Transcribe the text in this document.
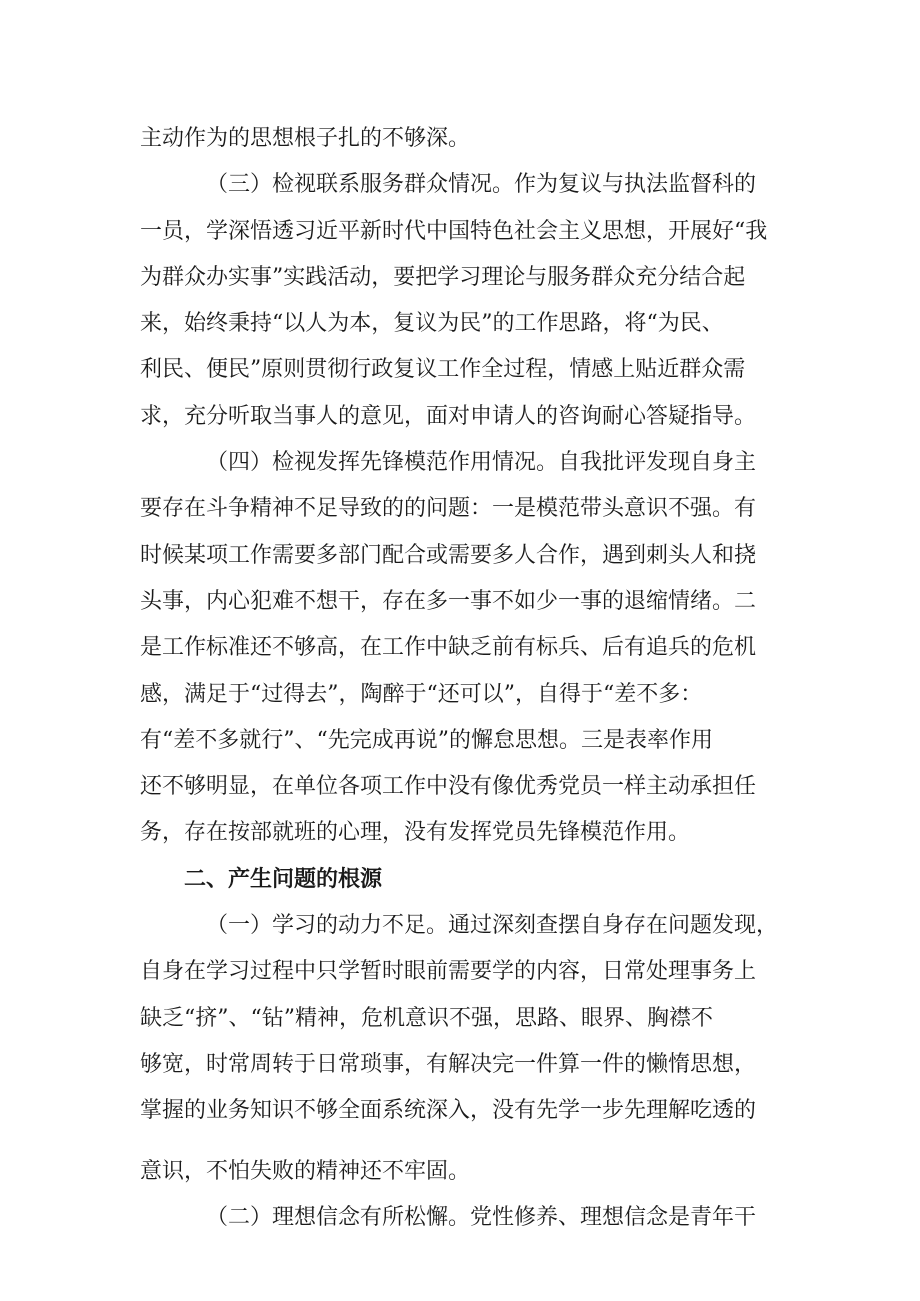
主动作为的思想根子扎的不够深。
（三）检视联系服务群众情况。作为复议与执法监督科的
一员，学深悟透习近平新时代中国特色社会主义思想，开展好“我
为群众办实事”实践活动，要把学习理论与服务群众充分结合起
来，始终秉持“以人为本，复议为民”的工作思路，将“为民、
利民、便民”原则贯彻行政复议工作全过程，情感上贴近群众需
求，充分听取当事人的意见，面对申请人的咨询耐心答疑指导。
（四）检视发挥先锋模范作用情况。自我批评发现自身主
要存在斗争精神不足导致的的问题：一是模范带头意识不强。有
时候某项工作需要多部门配合或需要多人合作，遇到刺头人和挠
头事，内心犯难不想干，存在多一事不如少一事的退缩情绪。二
是工作标准还不够高，在工作中缺乏前有标兵、后有追兵的危机
感，满足于“过得去”，陶醉于“还可以”，自得于“差不多：
有“差不多就行”、“先完成再说”的懈怠思想。三是表率作用
还不够明显，在单位各项工作中没有像优秀党员一样主动承担任
务，存在按部就班的心理，没有发挥党员先锋模范作用。
二、产生问题的根源
（一）学习的动力不足。通过深刻查摆自身存在问题发现，
自身在学习过程中只学暂时眼前需要学的内容，日常处理事务上
缺乏“挤”、“钻”精神，危机意识不强，思路、眼界、胸襟不
够宽，时常周转于日常琐事，有解决完一件算一件的懒惰思想，
掌握的业务知识不够全面系统深入，没有先学一步先理解吃透的
意识，不怕失败的精神还不牢固。
（二）理想信念有所松懈。党性修养、理想信念是青年干
